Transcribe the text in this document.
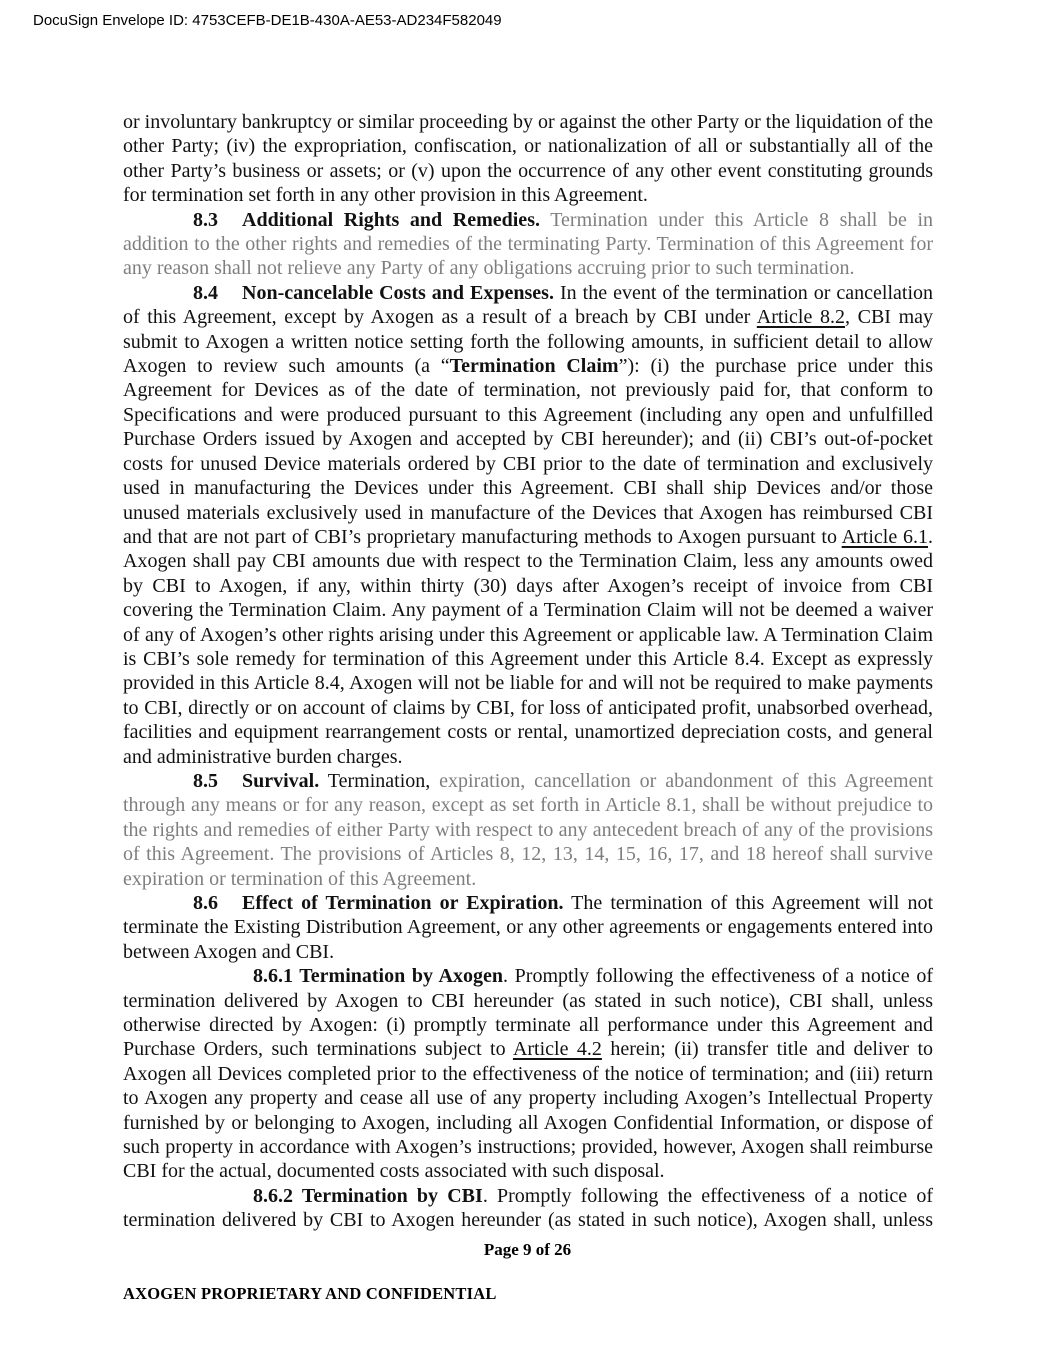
DocuSign Envelope ID: 4753CEFB-DE1B-430A-AE53-AD234F582049

or involuntary bankruptcy or similar proceeding by or against the other Party or the liquidation of the other Party; (iv) the expropriation, confiscation, or nationalization of all or substantially all of the other Party’s business or assets; or (v) upon the occurrence of any other event constituting grounds for termination set forth in any other provision in this Agreement.

8.3 Additional Rights and Remedies. Termination under this Article 8 shall be in addition to the other rights and remedies of the terminating Party. Termination of this Agreement for any reason shall not relieve any Party of any obligations accruing prior to such termination.

8.4 Non-cancelable Costs and Expenses. In the event of the termination or cancellation of this Agreement, except by Axogen as a result of a breach by CBI under Article 8.2, CBI may submit to Axogen a written notice setting forth the following amounts, in sufficient detail to allow Axogen to review such amounts (a “Termination Claim”): (i) the purchase price under this Agreement for Devices as of the date of termination, not previously paid for, that conform to Specifications and were produced pursuant to this Agreement (including any open and unfulfilled Purchase Orders issued by Axogen and accepted by CBI hereunder); and (ii) CBI’s out-of-pocket costs for unused Device materials ordered by CBI prior to the date of termination and exclusively used in manufacturing the Devices under this Agreement. CBI shall ship Devices and/or those unused materials exclusively used in manufacture of the Devices that Axogen has reimbursed CBI and that are not part of CBI’s proprietary manufacturing methods to Axogen pursuant to Article 6.1. Axogen shall pay CBI amounts due with respect to the Termination Claim, less any amounts owed by CBI to Axogen, if any, within thirty (30) days after Axogen’s receipt of invoice from CBI covering the Termination Claim. Any payment of a Termination Claim will not be deemed a waiver of any of Axogen’s other rights arising under this Agreement or applicable law. A Termination Claim is CBI’s sole remedy for termination of this Agreement under this Article 8.4. Except as expressly provided in this Article 8.4, Axogen will not be liable for and will not be required to make payments to CBI, directly or on account of claims by CBI, for loss of anticipated profit, unabsorbed overhead, facilities and equipment rearrangement costs or rental, unamortized depreciation costs, and general and administrative burden charges.

8.5 Survival. Termination, expiration, cancellation or abandonment of this Agreement through any means or for any reason, except as set forth in Article 8.1, shall be without prejudice to the rights and remedies of either Party with respect to any antecedent breach of any of the provisions of this Agreement. The provisions of Articles 8, 12, 13, 14, 15, 16, 17, and 18 hereof shall survive expiration or termination of this Agreement.

8.6 Effect of Termination or Expiration. The termination of this Agreement will not terminate the Existing Distribution Agreement, or any other agreements or engagements entered into between Axogen and CBI.

8.6.1 Termination by Axogen. Promptly following the effectiveness of a notice of termination delivered by Axogen to CBI hereunder (as stated in such notice), CBI shall, unless otherwise directed by Axogen: (i) promptly terminate all performance under this Agreement and Purchase Orders, such terminations subject to Article 4.2 herein; (ii) transfer title and deliver to Axogen all Devices completed prior to the effectiveness of the notice of termination; and (iii) return to Axogen any property and cease all use of any property including Axogen’s Intellectual Property furnished by or belonging to Axogen, including all Axogen Confidential Information, or dispose of such property in accordance with Axogen’s instructions; provided, however, Axogen shall reimburse CBI for the actual, documented costs associated with such disposal.

8.6.2 Termination by CBI. Promptly following the effectiveness of a notice of termination delivered by CBI to Axogen hereunder (as stated in such notice), Axogen shall, unless

Page 9 of 26
AXOGEN PROPRIETARY AND CONFIDENTIAL
